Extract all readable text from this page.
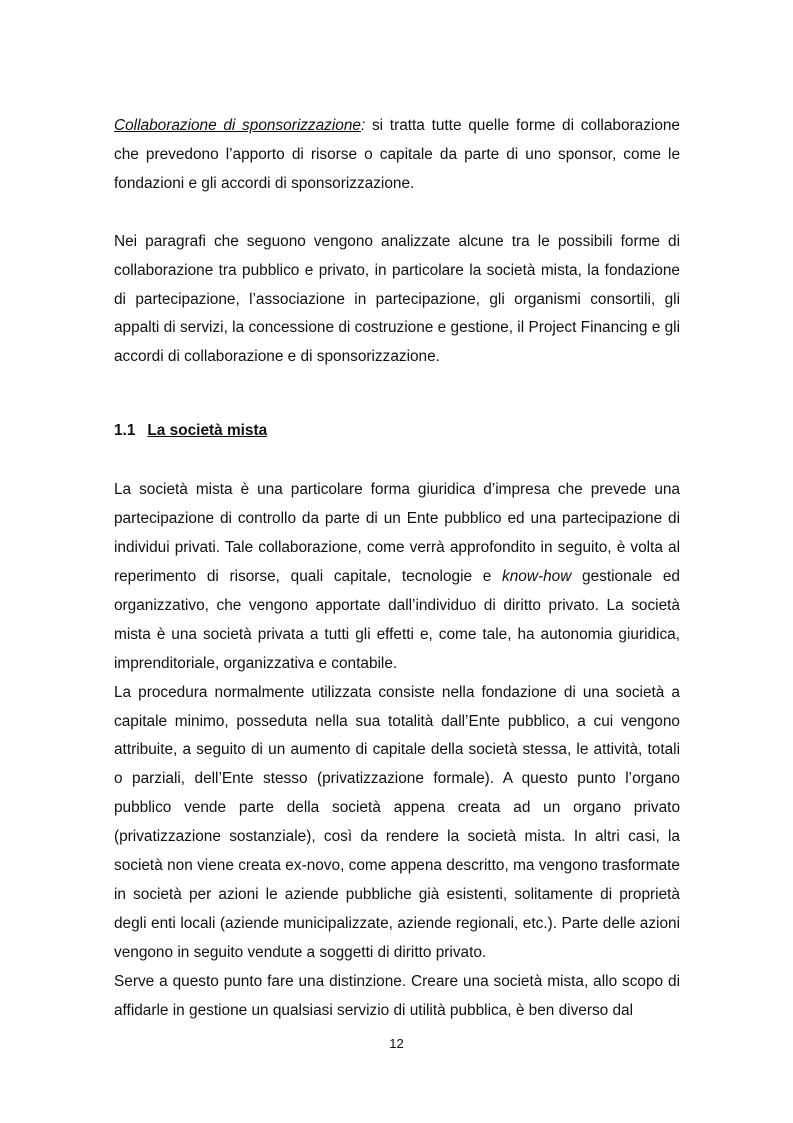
Collaborazione di sponsorizzazione: si tratta tutte quelle forme di collaborazione che prevedono l’apporto di risorse o capitale da parte di uno sponsor, come le fondazioni e gli accordi di sponsorizzazione.

Nei paragrafi che seguono vengono analizzate alcune tra le possibili forme di collaborazione tra pubblico e privato, in particolare la società mista, la fondazione di partecipazione, l’associazione in partecipazione, gli organismi consortili, gli appalti di servizi, la concessione di costruzione e gestione, il Project Financing e gli accordi di collaborazione e di sponsorizzazione.

1.1 La società mista

La società mista è una particolare forma giuridica d’impresa che prevede una partecipazione di controllo da parte di un Ente pubblico ed una partecipazione di individui privati. Tale collaborazione, come verrà approfondito in seguito, è volta al reperimento di risorse, quali capitale, tecnologie e know-how gestionale ed organizzativo, che vengono apportate dall’individuo di diritto privato. La società mista è una società privata a tutti gli effetti e, come tale, ha autonomia giuridica, imprenditoriale, organizzativa e contabile.

La procedura normalmente utilizzata consiste nella fondazione di una società a capitale minimo, posseduta nella sua totalità dall’Ente pubblico, a cui vengono attribuite, a seguito di un aumento di capitale della società stessa, le attività, totali o parziali, dell’Ente stesso (privatizzazione formale). A questo punto l’organo pubblico vende parte della società appena creata ad un organo privato (privatizzazione sostanziale), così da rendere la società mista. In altri casi, la società non viene creata ex-novo, come appena descritto, ma vengono trasformate in società per azioni le aziende pubbliche già esistenti, solitamente di proprietà degli enti locali (aziende municipalizzate, aziende regionali, etc.). Parte delle azioni vengono in seguito vendute a soggetti di diritto privato.

Serve a questo punto fare una distinzione. Creare una società mista, allo scopo di affidarle in gestione un qualsiasi servizio di utilità pubblica, è ben diverso dal

12
